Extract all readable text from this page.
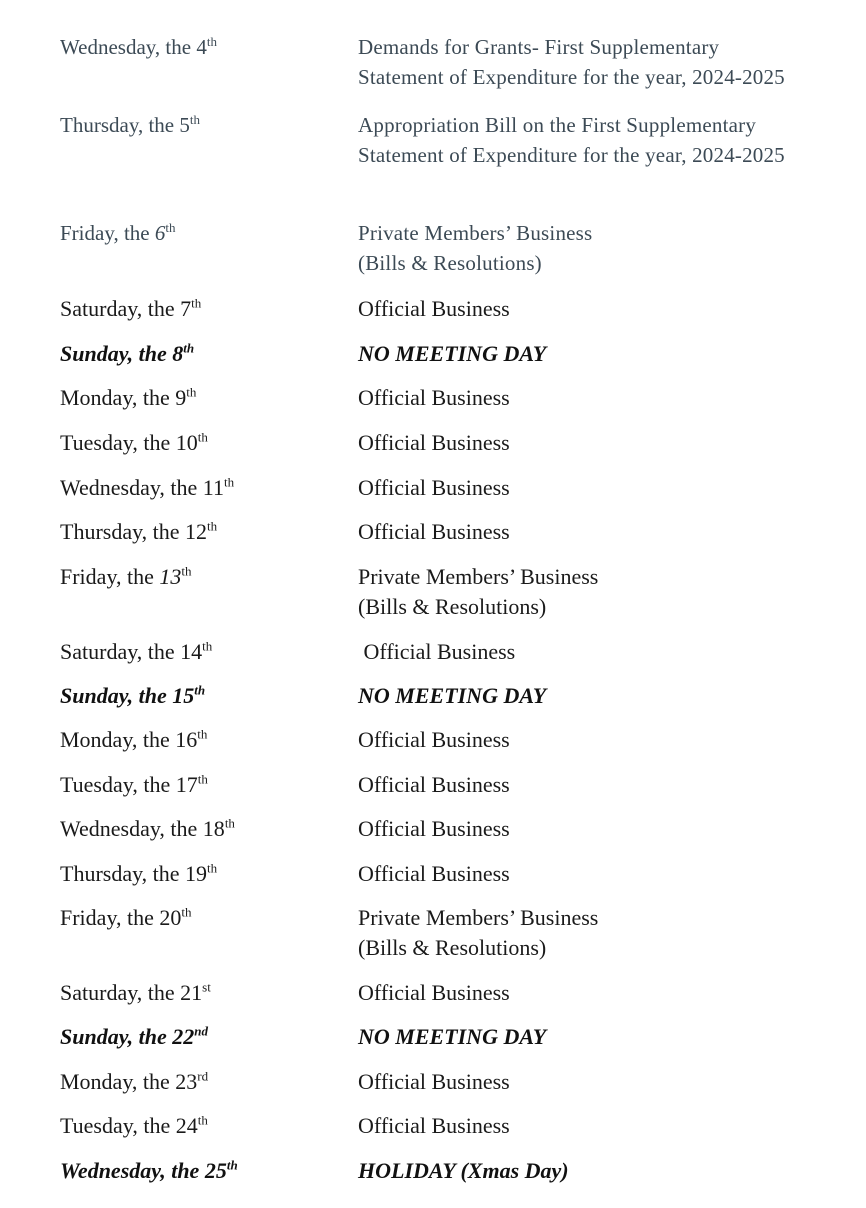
Wednesday, the 4th	Demands for Grants- First Supplementary
Statement of Expenditure for the year, 2024-2025
Thursday, the 5th	Appropriation Bill on the First Supplementary
Statement of Expenditure for the year, 2024-2025
Friday, the 6th	Private Members’ Business
(Bills & Resolutions)
Saturday, the 7th	Official Business
Sunday, the 8th	NO MEETING DAY
Monday, the 9th	Official Business
Tuesday, the 10th	Official Business
Wednesday, the 11th	Official Business
Thursday, the 12th	Official Business
Friday, the 13th	Private Members’ Business
(Bills & Resolutions)
Saturday, the 14th	Official Business
Sunday, the 15th	NO MEETING DAY
Monday, the 16th	Official Business
Tuesday, the 17th	Official Business
Wednesday, the 18th	Official Business
Thursday, the 19th	Official Business
Friday, the 20th	Private Members’ Business
(Bills & Resolutions)
Saturday, the 21st	Official Business
Sunday, the 22nd	NO MEETING DAY
Monday, the 23rd	Official Business
Tuesday, the 24th	Official Business
Wednesday, the 25th	HOLIDAY (Xmas Day)
